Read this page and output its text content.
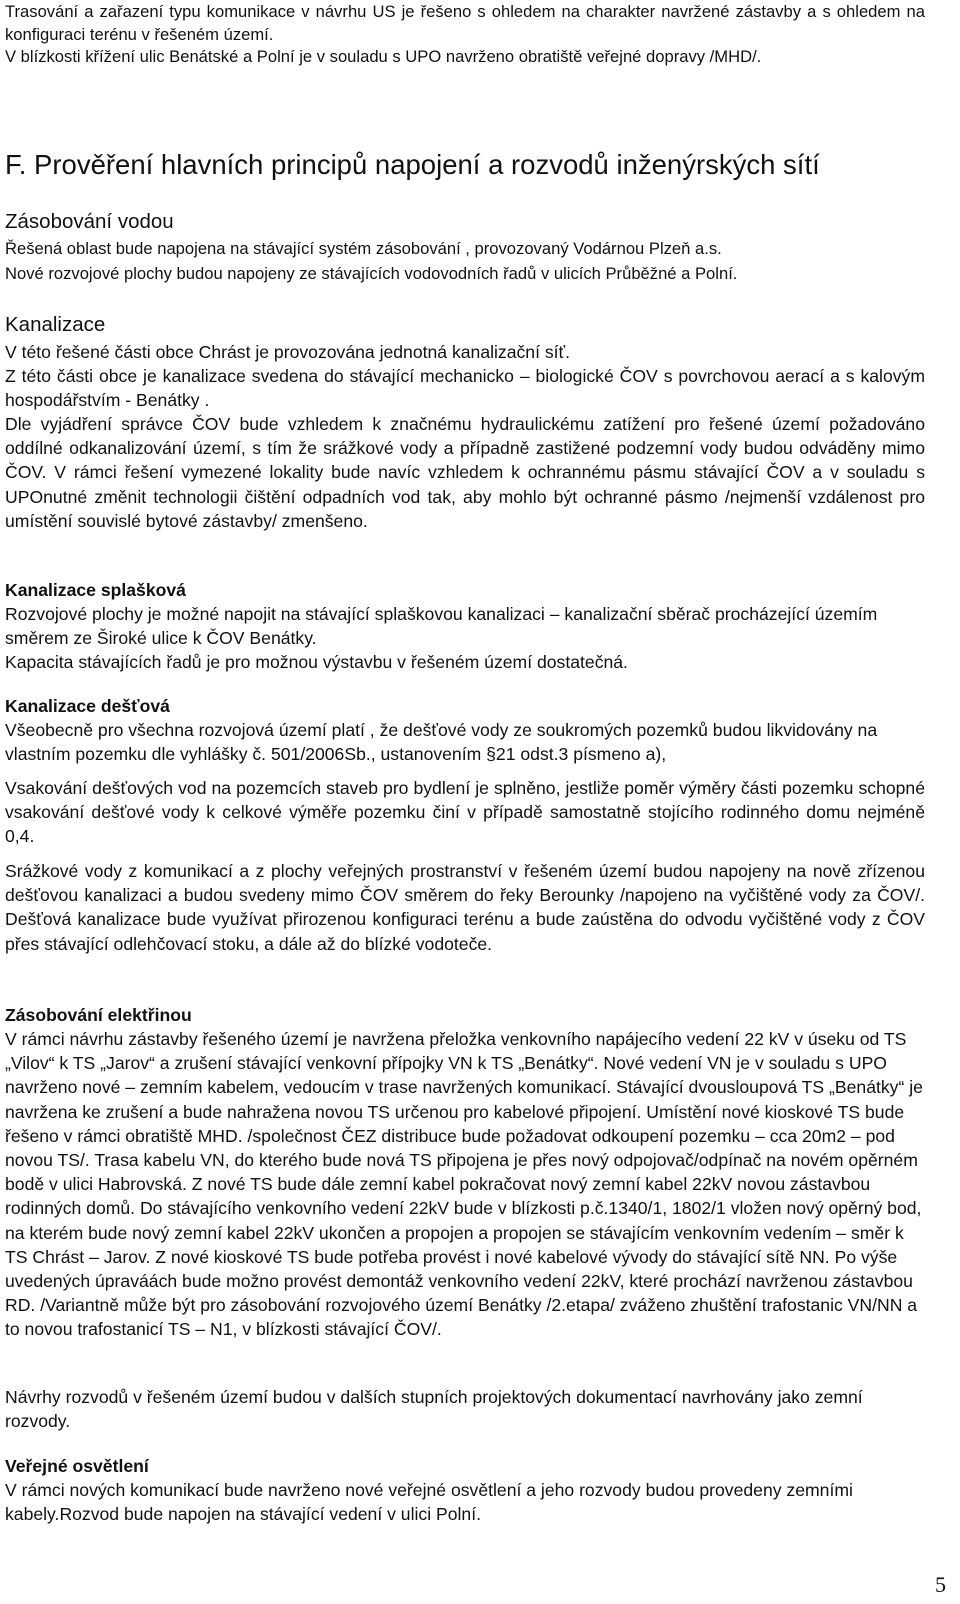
Trasování a zařazení typu komunikace v návrhu US je řešeno s ohledem na charakter navržené zástavby a s ohledem na konfiguraci terénu v řešeném území.

V blízkosti křížení ulic Benátské a Polní je v souladu s UPO navrženo obratiště veřejné dopravy /MHD/.

F. Prověření hlavních principů napojení a rozvodů inženýrských sítí
Zásobování vodou

Řešená oblast bude napojena na stávající systém zásobování , provozovaný Vodárnou Plzeň a.s.

Nové rozvojové plochy budou napojeny ze stávajících vodovodních řadů v ulicích Průběžné a Polní.

Kanalizace

V této řešené části obce Chrást je provozována jednotná kanalizační síť.

Z této části obce je kanalizace svedena do stávající mechanicko – biologické ČOV s povrchovou aerací a s kalovým hospodářstvím - Benátky .

Dle vyjádření správce ČOV bude vzhledem k značnému hydraulickému zatížení pro řešené území požadováno oddílné odkanalizování území, s tím že srážkové vody a případně zastižené podzemní vody budou odváděny mimo ČOV. V rámci řešení vymezené lokality bude navíc vzhledem k ochrannému pásmu stávající ČOV a v souladu s UPOnutné změnit technologii čištění odpadních vod tak, aby mohlo být ochranné pásmo /nejmenší vzdálenost pro umístění souvislé bytové zástavby/ zmenšeno.

Kanalizace splašková

Rozvojové plochy je možné napojit na stávající splaškovou kanalizaci – kanalizační sběrač procházející územím směrem ze Široké ulice k ČOV Benátky.

Kapacita stávajících řadů je pro možnou výstavbu v řešeném území dostatečná.

Kanalizace dešťová

Všeobecně pro všechna rozvojová území platí , že dešťové vody ze soukromých pozemků budou likvidovány na vlastním pozemku dle vyhlášky č. 501/2006Sb., ustanovením §21 odst.3 písmeno a),

Vsakování dešťových vod na pozemcích staveb pro bydlení je splněno, jestliže poměr výměry části pozemku schopné vsakování dešťové vody k celkové výměře pozemku činí v případě samostatně stojícího rodinného domu nejméně 0,4.

Srážkové vody z komunikací a z plochy veřejných prostranství v řešeném území budou napojeny na nově zřízenou dešťovou kanalizaci a budou svedeny mimo ČOV směrem do řeky Berounky /napojeno na vyčištěné vody za ČOV/. Dešťová kanalizace bude využívat přirozenou konfiguraci terénu a bude zaústěna do odvodu vyčištěné vody z ČOV přes stávající odlehčovací stoku, a dále až do blízké vodoteče.

Zásobování elektřinou

V rámci návrhu zástavby řešeného území je navržena přeložka venkovního napájecího vedení 22 kV v úseku od TS „Vilov“ k TS „Jarov“ a zrušení stávající venkovní přípojky VN k TS „Benátky“. Nové vedení VN je v souladu s UPO navrženo nové – zemním kabelem, vedoucím v trase navržených komunikací. Stávající dvousloupová TS „Benátky“ je navržena ke zrušení a bude nahražena novou TS určenou pro kabelové připojení. Umístění nové kioskové TS bude řešeno v rámci obratiště MHD. /společnost ČEZ distribuce bude požadovat odkoupení pozemku – cca 20m2 – pod novou TS/. Trasa kabelu VN, do kterého bude nová TS připojena je přes nový odpojovač/odpínač na novém opěrném bodě v ulici Habrovská. Z nové TS bude dále zemní kabel pokračovat nový zemní kabel 22kV novou zástavbou rodinných domů. Do stávajícího venkovního vedení 22kV bude v blízkosti p.č.1340/1, 1802/1 vložen nový opěrný bod, na kterém bude nový zemní kabel 22kV ukončen a propojen a propojen se stávajícím venkovním vedením – směr k TS Chrást – Jarov. Z nové kioskové TS bude potřeba provést i nové kabelové vývody do stávající sítě NN. Po výše uvedených úpraváách bude možno provést demontáž venkovního vedení 22kV, které prochází navrženou zástavbou RD. /Variantně může být pro zásobování rozvojového území Benátky /2.etapa/ zváženo zhuštění trafostanic VN/NN a to novou trafostanicí TS – N1, v blízkosti stávající ČOV/.

Návrhy rozvodů v řešeném území budou v dalších stupních projektových dokumentací navrhovány jako zemní rozvody.

Veřejné osvětlení

V rámci nových komunikací bude navrženo nové veřejné osvětlení a jeho rozvody budou provedeny zemními kabely.Rozvod bude napojen na stávající vedení v ulici Polní.

5
